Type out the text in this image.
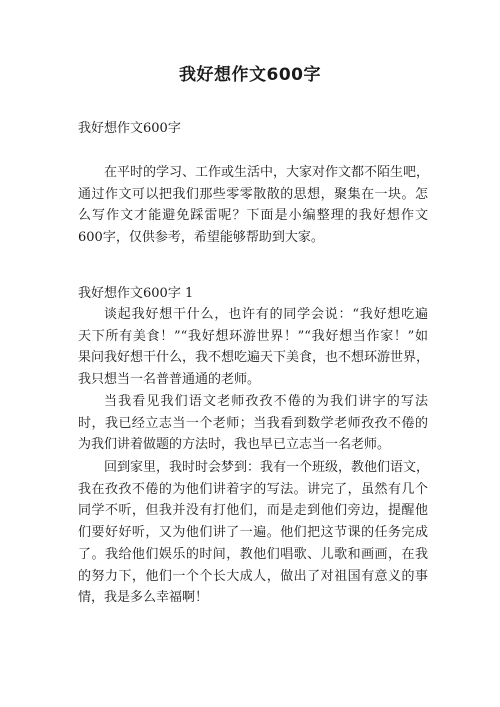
我好想作文600字
我好想作文600字
在平时的学习、工作或生活中，大家对作文都不陌生吧，
通过作文可以把我们那些零零散散的思想，聚集在一块。怎
么写作文才能避免踩雷呢？下面是小编整理的我好想作文
600字，仅供参考，希望能够帮助到大家。
我好想作文600字 1
谈起我好想干什么，也许有的同学会说：“我好想吃遍
天下所有美食！”“我好想环游世界！”“我好想当作家！”如
果问我好想干什么，我不想吃遍天下美食，也不想环游世界，
我只想当一名普普通通的老师。
当我看见我们语文老师孜孜不倦的为我们讲字的写法
时，我已经立志当一个老师；当我看到数学老师孜孜不倦的
为我们讲着做题的方法时，我也早已立志当一名老师。
回到家里，我时时会梦到：我有一个班级，教他们语文，
我在孜孜不倦的为他们讲着字的写法。讲完了，虽然有几个
同学不听，但我并没有打他们，而是走到他们旁边，提醒他
们要好好听，又为他们讲了一遍。他们把这节课的任务完成
了。我给他们娱乐的时间，教他们唱歌、儿歌和画画，在我
的努力下，他们一个个长大成人，做出了对祖国有意义的事
情，我是多么幸福啊！
